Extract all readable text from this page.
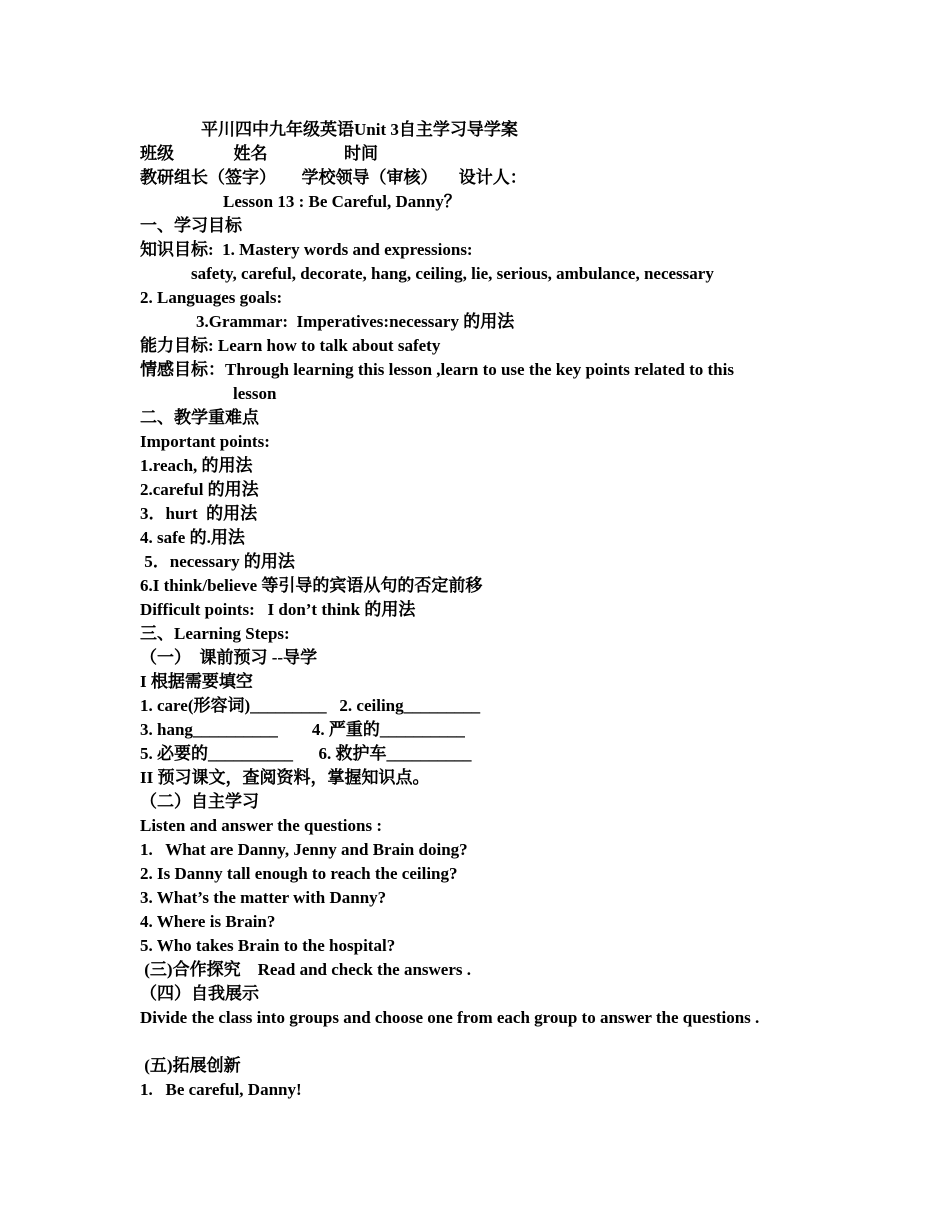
平川四中九年级英语Unit 3自主学习导学案
班级              姓名                  时间
教研组长（签字）      学校领导（审核）     设计人：
Lesson 13 : Be Careful, Danny？
一、学习目标
知识目标:  1. Mastery words and expressions:
safety, careful, decorate, hang, ceiling, lie, serious, ambulance, necessary
2. Languages goals:
3.Grammar:  Imperatives:necessary 的用法
能力目标: Learn how to talk about safety
情感目标：Through learning this lesson ,learn to use the key points related to this
lesson
二、教学重难点
Important points:
1.reach, 的用法
2.careful 的用法
3．hurt  的用法
4. safe 的.用法
5．necessary 的用法
6.I think/believe 等引导的宾语从句的否定前移
Difficult points:   I don’t think 的用法
三、Learning Steps:
（一）  课前预习 --导学
I 根据需要填空
1. care(形容词)_________   2. ceiling_________
3. hang__________        4. 严重的__________
5. 必要的__________      6. 救护车__________
II 预习课文，查阅资料，掌握知识点。
（二）自主学习
Listen and answer the questions :
1.   What are Danny, Jenny and Brain doing?
2. Is Danny tall enough to reach the ceiling?
3. What’s the matter with Danny?
4. Where is Brain?
5. Who takes Brain to the hospital?
(三)合作探究    Read and check the answers .
（四）自我展示
Divide the class into groups and choose one from each group to answer the questions .
(五)拓展创新
1.   Be careful, Danny!
